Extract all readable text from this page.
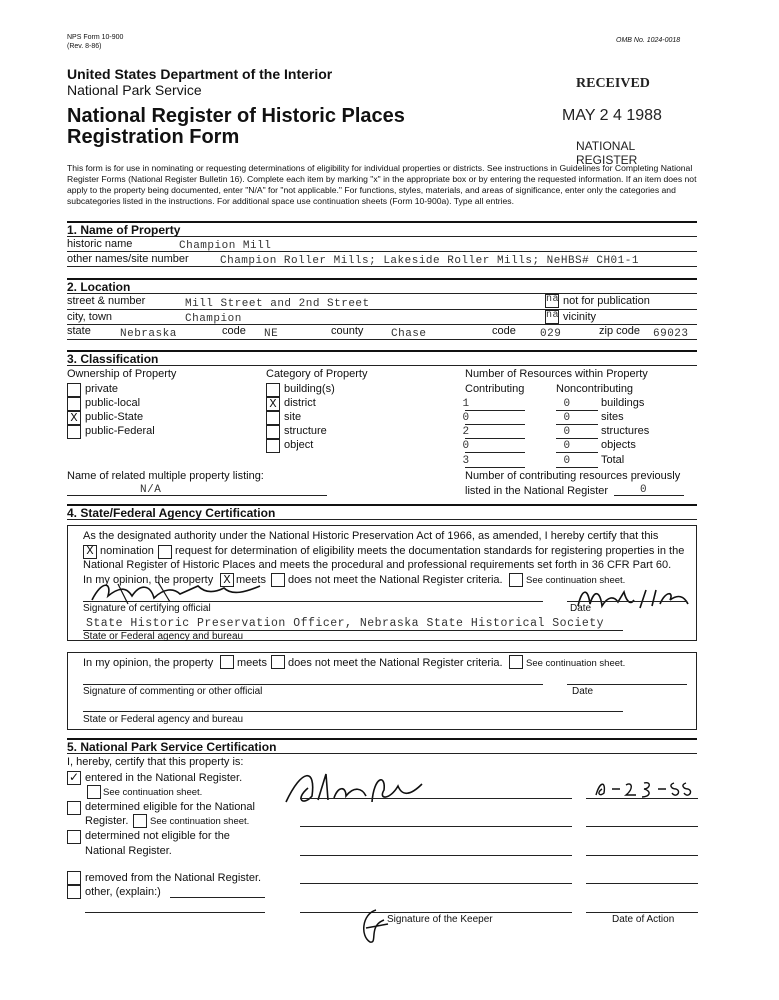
NPS Form 10-900
(Rev. 8-86)
OMB No. 1024-0018
United States Department of the Interior
National Park Service
National Register of Historic Places
Registration Form
RECEIVED
MAY 2 4 1988
NATIONAL
REGISTER
This form is for use in nominating or requesting determinations of eligibility for individual properties or districts. See instructions in Guidelines for Completing National Register Forms (National Register Bulletin 16). Complete each item by marking "x" in the appropriate box or by entering the requested information. If an item does not apply to the property being documented, enter "N/A" for "not applicable." For functions, styles, materials, and areas of significance, enter only the categories and subcategories listed in the instructions. For additional space use continuation sheets (Form 10-900a). Type all entries.
1. Name of Property
historic name	Champion Mill
other names/site number	Champion Roller Mills; Lakeside Roller Mills; NeHBS# CH01-1
2. Location
street & number	Mill Street and 2nd Street	na not for publication
city, town	Champion	na vicinity
state	Nebraska	code NE	county	Chase	code 029	zip code 69023
3. Classification
Ownership of Property
private
public-local
X public-State
public-Federal
Category of Property
building(s)
X district
site
structure
object
Number of Resources within Property
Contributing	Noncontributing
1	0	buildings
0	0	sites
2	0	structures
0	0	objects
3	0	Total
Name of related multiple property listing:
N/A
Number of contributing resources previously
listed in the National Register	0
4. State/Federal Agency Certification
As the designated authority under the National Historic Preservation Act of 1966, as amended, I hereby certify that this
X nomination request for determination of eligibility meets the documentation standards for registering properties in the
National Register of Historic Places and meets the procedural and professional requirements set forth in 36 CFR Part 60.
In my opinion, the property X meets does not meet the National Register criteria. See continuation sheet.
Signature of certifying official	Date
State Historic Preservation Officer, Nebraska State Historical Society
State or Federal agency and bureau
In my opinion, the property meets does not meet the National Register criteria. See continuation sheet.
Signature of commenting or other official	Date
State or Federal agency and bureau
5. National Park Service Certification
I, hereby, certify that this property is:
✓ entered in the National Register.
See continuation sheet.
determined eligible for the National
Register. See continuation sheet.
determined not eligible for the
National Register.
removed from the National Register.
other, (explain:)
Signature of the Keeper	Date of Action
